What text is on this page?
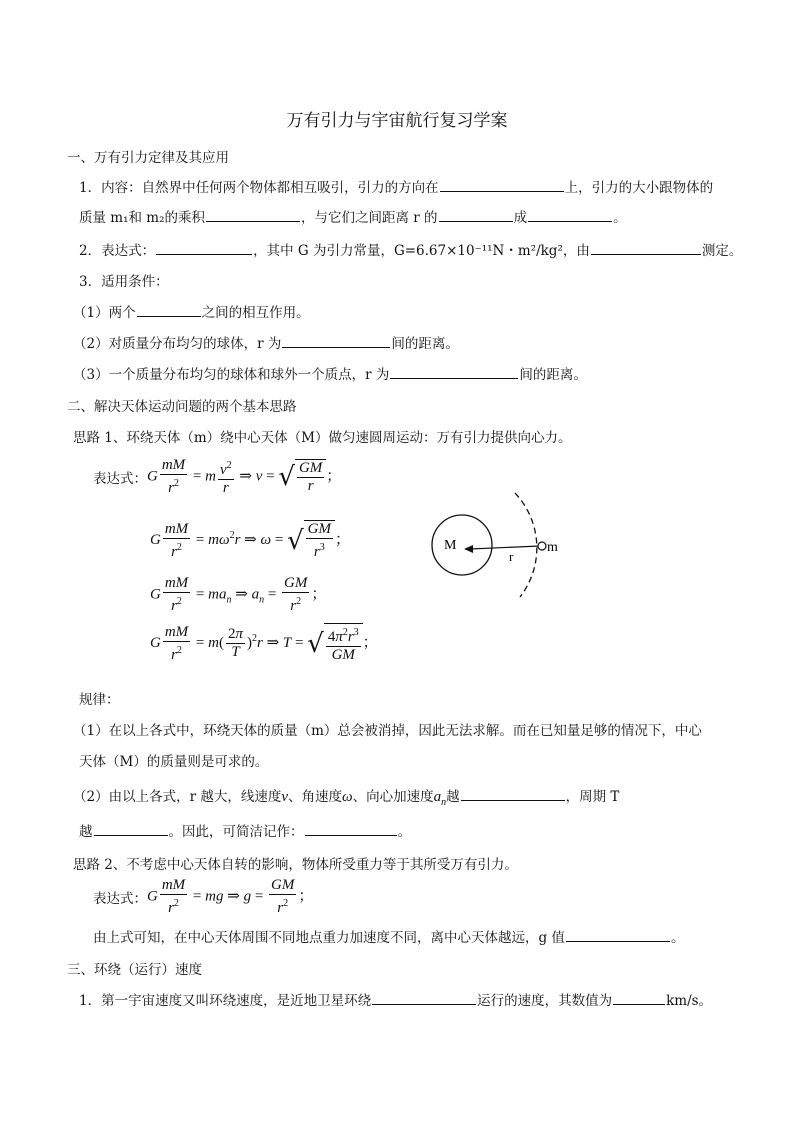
万有引力与宇宙航行复习学案
一、万有引力定律及其应用
1．内容：自然界中任何两个物体都相互吸引，引力的方向在	上，引力的大小跟物体的
质量 m₁和 m₂的乘积	，与它们之间距离 r 的	成	。
2．表达式：	，其中 G 为引力常量，G=6.67×10⁻¹¹N・m²/kg²，由	测定。
3．适用条件：
（1）两个	之间的相互作用。
（2）对质量分布均匀的球体，r 为	间的距离。
（3）一个质量分布均匀的球体和球外一个质点，r 为	间的距离。
二、解决天体运动问题的两个基本思路
思路 1、环绕天体（m）绕中心天体（M）做匀速圆周运动：万有引力提供向心力。
表达式： G $\frac{mM}{r^2} = m \frac{v^2}{r}$ ⇒ v = √ $\frac{GM}{r}$ ；
G $\frac{mM}{r^2} = m\omega^2r$ ⇒ ω = √ $\frac{GM}{r^3}$ ；
G $\frac{mM}{r^2} = ma_n$ ⇒ $a_n = \frac{GM}{r^2}$ ；
G $\frac{mM}{r^2} = m( \frac{2\pi}{T} )^2r$ ⇒ T = √ $\frac{4\pi^2r^3}{GM}$ ；
M
r
m
规律：
（1）在以上各式中，环绕天体的质量（m）总会被消掉，因此无法求解。而在已知量足够的情况下，中心
天体（M）的质量则是可求的。
（2）由以上各式，r 越大，线速度v、角速度ω、向心加速度$a_n$越	，周期 T
越	。因此，可简洁记作：	。
思路 2、不考虑中心天体自转的影响，物体所受重力等于其所受万有引力。
表达式： G $\frac{mM}{r^2}$ = mg ⇒ $g = \frac{GM}{r^2}$ ；
由上式可知，在中心天体周围不同地点重力加速度不同，离中心天体越远，g 值	。
三、环绕（运行）速度
1．第一宇宙速度又叫环绕速度，是近地卫星环绕	运行的速度，其数值为	km/s。
